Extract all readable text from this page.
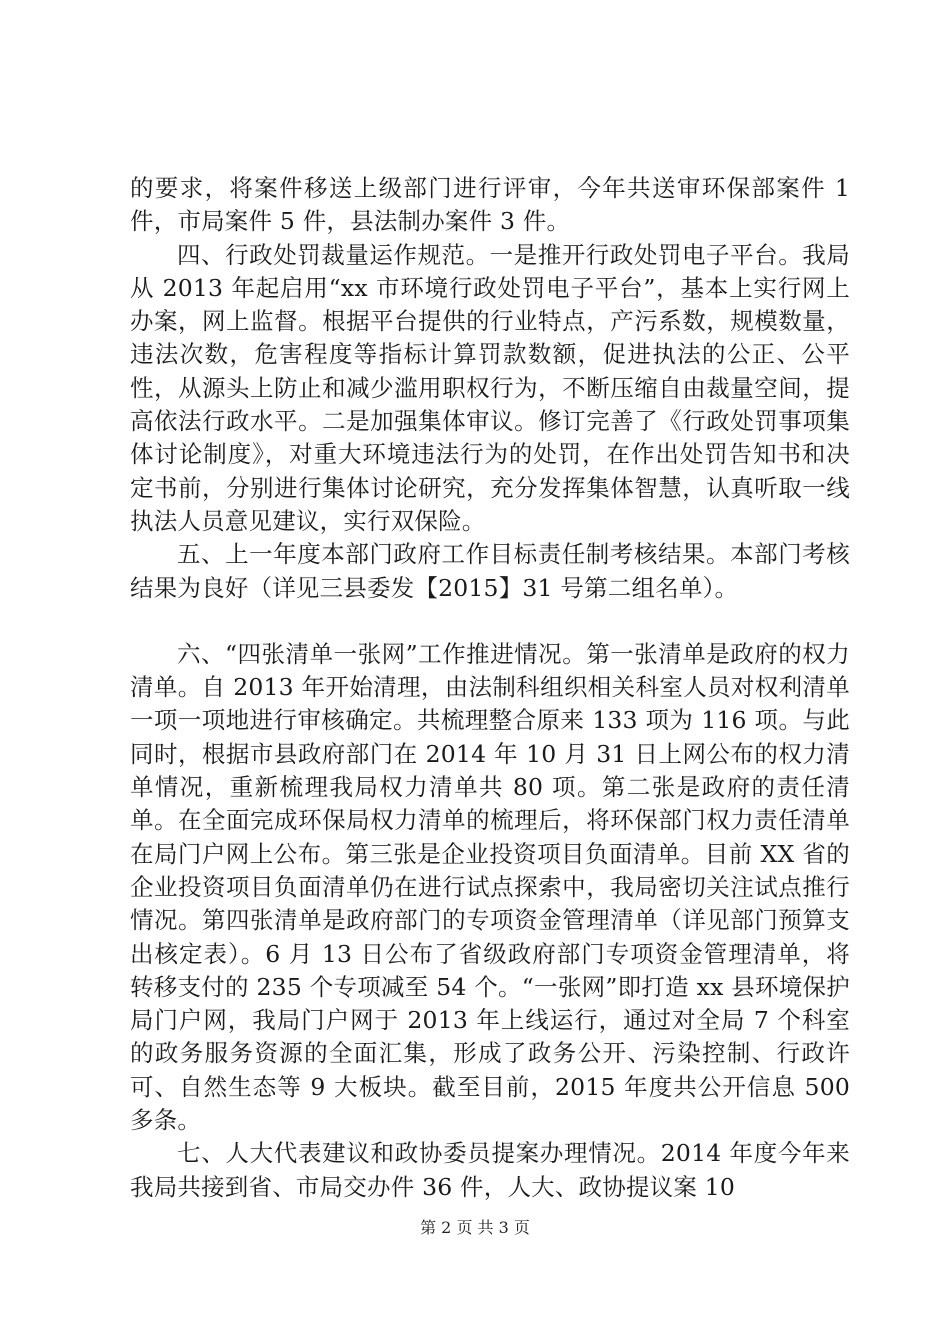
的要求，将案件移送上级部门进行评审，今年共送审环保部案件 1 件，市局案件 5 件，县法制办案件 3 件。

四、行政处罚裁量运作规范。一是推开行政处罚电子平台。我局从 2013 年起启用“xx 市环境行政处罚电子平台”，基本上实行网上办案，网上监督。根据平台提供的行业特点，产污系数，规模数量，违法次数，危害程度等指标计算罚款数额，促进执法的公正、公平性，从源头上防止和减少滥用职权行为，不断压缩自由裁量空间，提高依法行政水平。二是加强集体审议。修订完善了《行政处罚事项集体讨论制度》，对重大环境违法行为的处罚，在作出处罚告知书和决定书前，分别进行集体讨论研究，充分发挥集体智慧，认真听取一线执法人员意见建议，实行双保险。

五、上一年度本部门政府工作目标责任制考核结果。本部门考核结果为良好（详见三县委发【2015】31 号第二组名单）。

六、“四张清单一张网”工作推进情况。第一张清单是政府的权力清单。自 2013 年开始清理，由法制科组织相关科室人员对权利清单一项一项地进行审核确定。共梳理整合原来 133 项为 116 项。与此同时，根据市县政府部门在 2014 年 10 月 31 日上网公布的权力清单情况，重新梳理我局权力清单共 80 项。第二张是政府的责任清单。在全面完成环保局权力清单的梳理后，将环保部门权力责任清单在局门户网上公布。第三张是企业投资项目负面清单。目前 XX 省的企业投资项目负面清单仍在进行试点探索中，我局密切关注试点推行情况。第四张清单是政府部门的专项资金管理清单（详见部门预算支出核定表）。6 月 13 日公布了省级政府部门专项资金管理清单，将转移支付的 235 个专项减至 54 个。“一张网”即打造 xx 县环境保护局门户网，我局门户网于 2013 年上线运行，通过对全局 7 个科室的政务服务资源的全面汇集，形成了政务公开、污染控制、行政许可、自然生态等 9 大板块。截至目前，2015 年度共公开信息 500 多条。

七、人大代表建议和政协委员提案办理情况。2014 年度今年来我局共接到省、市局交办件 36 件，人大、政协提议案 10

第 2 页 共 3 页
